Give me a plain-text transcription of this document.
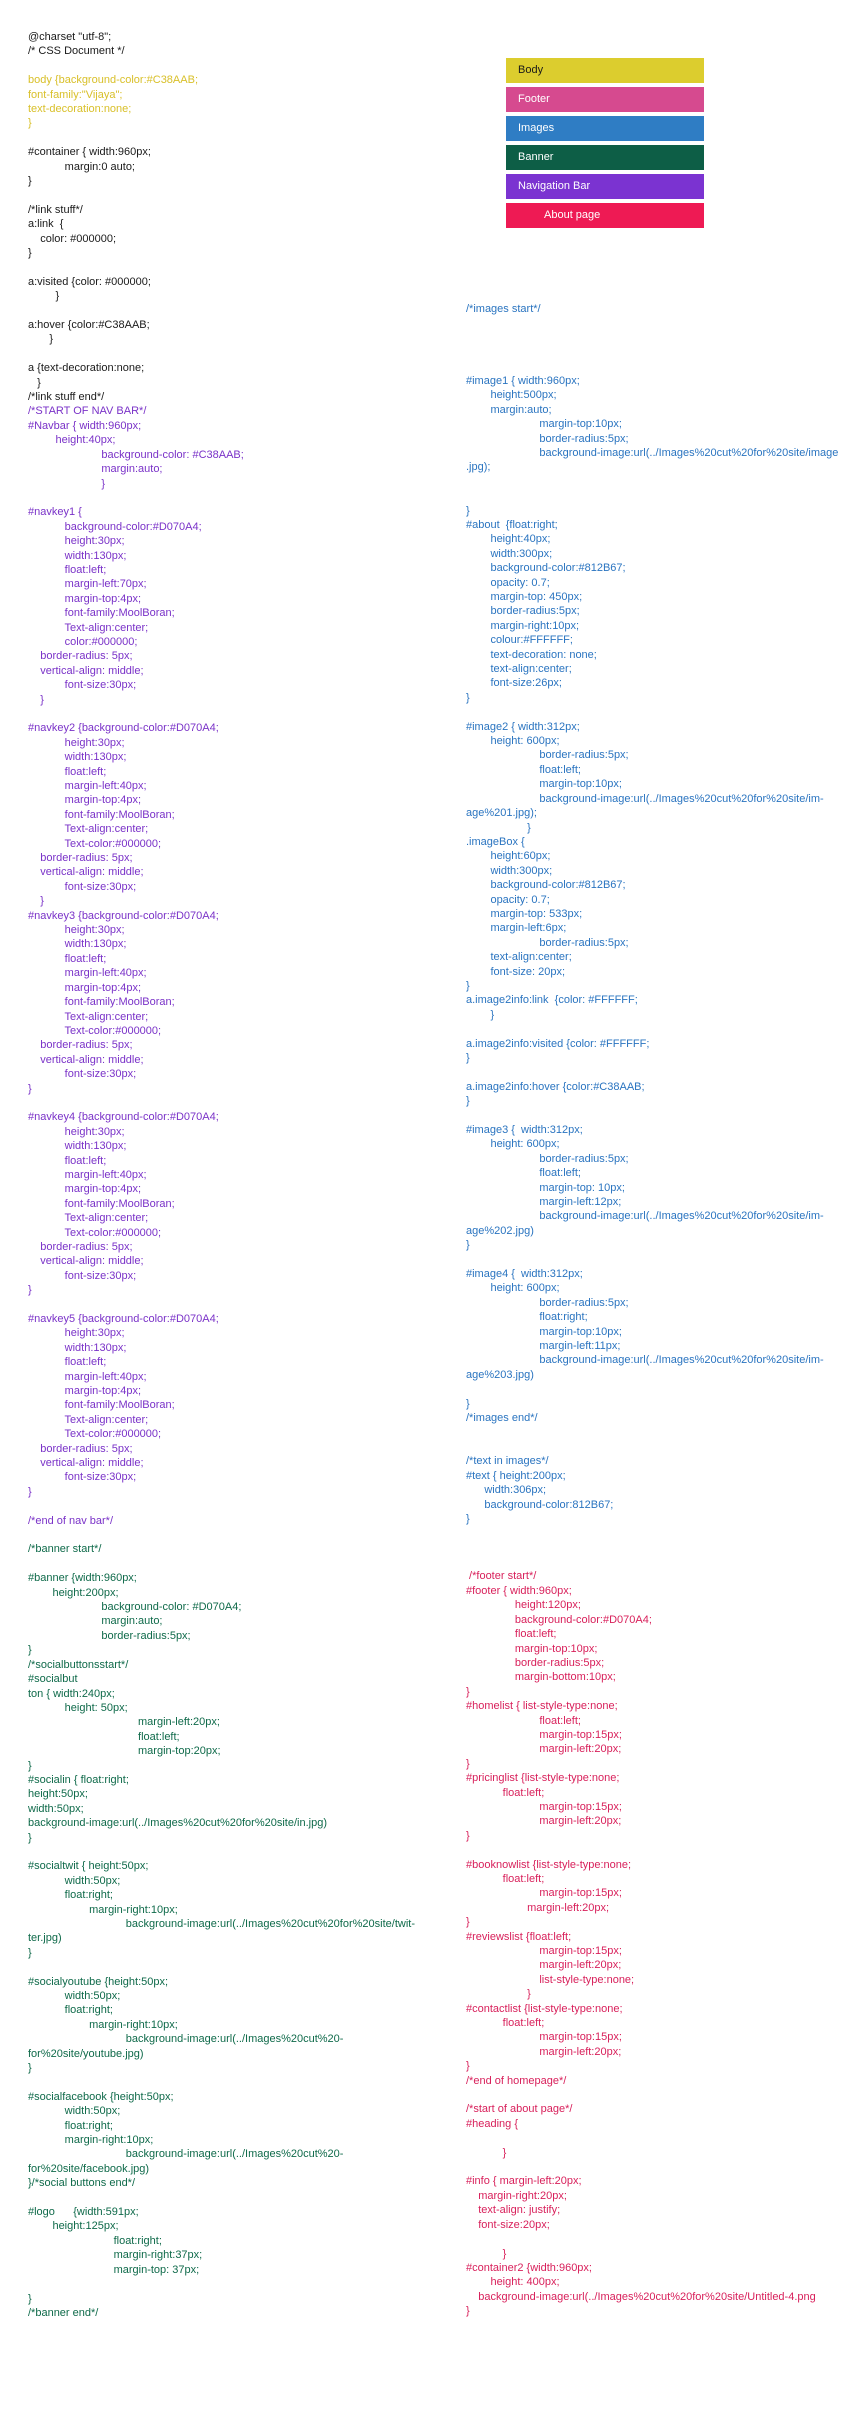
Body
Footer
Images
Banner
Navigation Bar
About page
@charset "utf-8";
/* CSS Document */
body {background-color:#C38AAB;
font-family:"Vijaya";
text-decoration:none;
}
#container { width:960px;
margin:0 auto;
}
/*link stuff*/
a:link  {
color: #000000;
}
a:visited {color: #000000;
}
a:hover {color:#C38AAB;
}
a {text-decoration:none;
}
/*link stuff end*/
/*START OF NAV BAR*/
#Navbar { width:960px;
height:40px;
background-color: #C38AAB;
margin:auto;
}
#navkey1 {
background-color:#D070A4;
height:30px;
width:130px;
float:left;
margin-left:70px;
margin-top:4px;
font-family:MoolBoran;
Text-align:center;
color:#000000;
border-radius: 5px;
vertical-align: middle;
font-size:30px;
}
#navkey2 {background-color:#D070A4;
height:30px;
width:130px;
float:left;
margin-left:40px;
margin-top:4px;
font-family:MoolBoran;
Text-align:center;
Text-color:#000000;
border-radius: 5px;
vertical-align: middle;
font-size:30px;
}
#navkey3 {background-color:#D070A4;
height:30px;
width:130px;
float:left;
margin-left:40px;
margin-top:4px;
font-family:MoolBoran;
Text-align:center;
Text-color:#000000;
border-radius: 5px;
vertical-align: middle;
font-size:30px;
}
#navkey4 {background-color:#D070A4;
height:30px;
width:130px;
float:left;
margin-left:40px;
margin-top:4px;
font-family:MoolBoran;
Text-align:center;
Text-color:#000000;
border-radius: 5px;
vertical-align: middle;
font-size:30px;
}
#navkey5 {background-color:#D070A4;
height:30px;
width:130px;
float:left;
margin-left:40px;
margin-top:4px;
font-family:MoolBoran;
Text-align:center;
Text-color:#000000;
border-radius: 5px;
vertical-align: middle;
font-size:30px;
}
/*end of nav bar*/
/*banner start*/
#banner {width:960px;
height:200px;
background-color: #D070A4;
margin:auto;
border-radius:5px;
}
/*socialbuttonsstart*/
#socialbut
ton { width:240px;
height: 50px;
margin-left:20px;
float:left;
margin-top:20px;
}
#socialin { float:right;
height:50px;
width:50px;
background-image:url(../Images%20cut%20for%20site/in.jpg)
}
#socialtwit { height:50px;
width:50px;
float:right;
margin-right:10px;
background-image:url(../Images%20cut%20for%20site/twit-
ter.jpg)
}
#socialyoutube {height:50px;
width:50px;
float:right;
margin-right:10px;
background-image:url(../Images%20cut%20-
for%20site/youtube.jpg)
}
#socialfacebook {height:50px;
width:50px;
float:right;
margin-right:10px;
background-image:url(../Images%20cut%20-
for%20site/facebook.jpg)
}/*social buttons end*/
#logo      {width:591px;
height:125px;
float:right;
margin-right:37px;
margin-top: 37px;
}
/*banner end*/
/*images start*/
#image1 { width:960px;
height:500px;
margin:auto;
margin-top:10px;
border-radius:5px;
background-image:url(../Images%20cut%20for%20site/image
.jpg);
}
#about  {float:right;
height:40px;
width:300px;
background-color:#812B67;
opacity: 0.7;
margin-top: 450px;
border-radius:5px;
margin-right:10px;
colour:#FFFFFF;
text-decoration: none;
text-align:center;
font-size:26px;
}
#image2 { width:312px;
height: 600px;
border-radius:5px;
float:left;
margin-top:10px;
background-image:url(../Images%20cut%20for%20site/im-
age%201.jpg);
}
.imageBox {
height:60px;
width:300px;
background-color:#812B67;
opacity: 0.7;
margin-top: 533px;
margin-left:6px;
border-radius:5px;
text-align:center;
font-size: 20px;
}
a.image2info:link  {color: #FFFFFF;
}
a.image2info:visited {color: #FFFFFF;
}
a.image2info:hover {color:#C38AAB;
}
#image3 {  width:312px;
height: 600px;
border-radius:5px;
float:left;
margin-top: 10px;
margin-left:12px;
background-image:url(../Images%20cut%20for%20site/im-
age%202.jpg)
}
#image4 {  width:312px;
height: 600px;
border-radius:5px;
float:right;
margin-top:10px;
margin-left:11px;
background-image:url(../Images%20cut%20for%20site/im-
age%203.jpg)
}
/*images end*/
/*text in images*/
#text { height:200px;
width:306px;
background-color:812B67;
}
/*footer start*/
#footer { width:960px;
height:120px;
background-color:#D070A4;
float:left;
margin-top:10px;
border-radius:5px;
margin-bottom:10px;
}
#homelist { list-style-type:none;
float:left;
margin-top:15px;
margin-left:20px;
}
#pricinglist {list-style-type:none;
float:left;
margin-top:15px;
margin-left:20px;
}
#booknowlist {list-style-type:none;
float:left;
margin-top:15px;
margin-left:20px;
}
#reviewslist {float:left;
margin-top:15px;
margin-left:20px;
list-style-type:none;
}
#contactlist {list-style-type:none;
float:left;
margin-top:15px;
margin-left:20px;
}
/*end of homepage*/
/*start of about page*/
#heading {
}
#info { margin-left:20px;
margin-right:20px;
text-align: justify;
font-size:20px;
}
#container2 {width:960px;
height: 400px;
background-image:url(../Images%20cut%20for%20site/Untitled-4.png
}
